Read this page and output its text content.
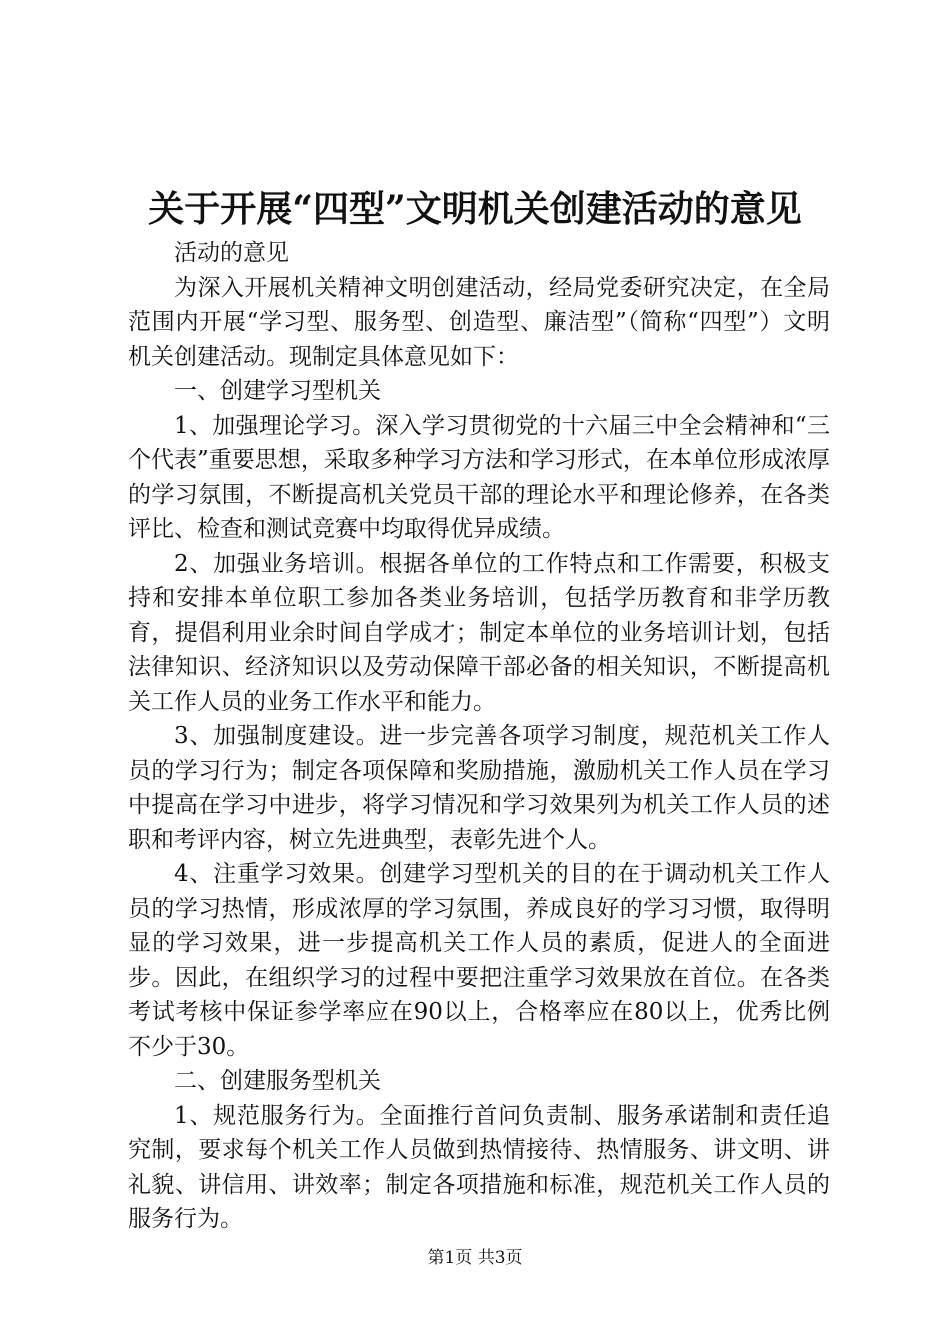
关于开展“四型”文明机关创建活动的意见

活动的意见

为深入开展机关精神文明创建活动，经局党委研究决定，在全局范围内开展“学习型、服务型、创造型、廉洁型”（简称“四型”）文明机关创建活动。现制定具体意见如下：

一、创建学习型机关

1、加强理论学习。深入学习贯彻党的十六届三中全会精神和“三个代表”重要思想，采取多种学习方法和学习形式，在本单位形成浓厚的学习氛围，不断提高机关党员干部的理论水平和理论修养，在各类评比、检查和测试竞赛中均取得优异成绩。

2、加强业务培训。根据各单位的工作特点和工作需要，积极支持和安排本单位职工参加各类业务培训，包括学历教育和非学历教育，提倡利用业余时间自学成才；制定本单位的业务培训计划，包括法律知识、经济知识以及劳动保障干部必备的相关知识，不断提高机关工作人员的业务工作水平和能力。

3、加强制度建设。进一步完善各项学习制度，规范机关工作人员的学习行为；制定各项保障和奖励措施，激励机关工作人员在学习中提高在学习中进步，将学习情况和学习效果列为机关工作人员的述职和考评内容，树立先进典型，表彰先进个人。

4、注重学习效果。创建学习型机关的目的在于调动机关工作人员的学习热情，形成浓厚的学习氛围，养成良好的学习习惯，取得明显的学习效果，进一步提高机关工作人员的素质，促进人的全面进步。因此，在组织学习的过程中要把注重学习效果放在首位。在各类考试考核中保证参学率应在90以上，合格率应在80以上，优秀比例不少于30。

二、创建服务型机关

1、规范服务行为。全面推行首问负责制、服务承诺制和责任追究制，要求每个机关工作人员做到热情接待、热情服务、讲文明、讲礼貌、讲信用、讲效率；制定各项措施和标准，规范机关工作人员的服务行为。

第1页 共3页
